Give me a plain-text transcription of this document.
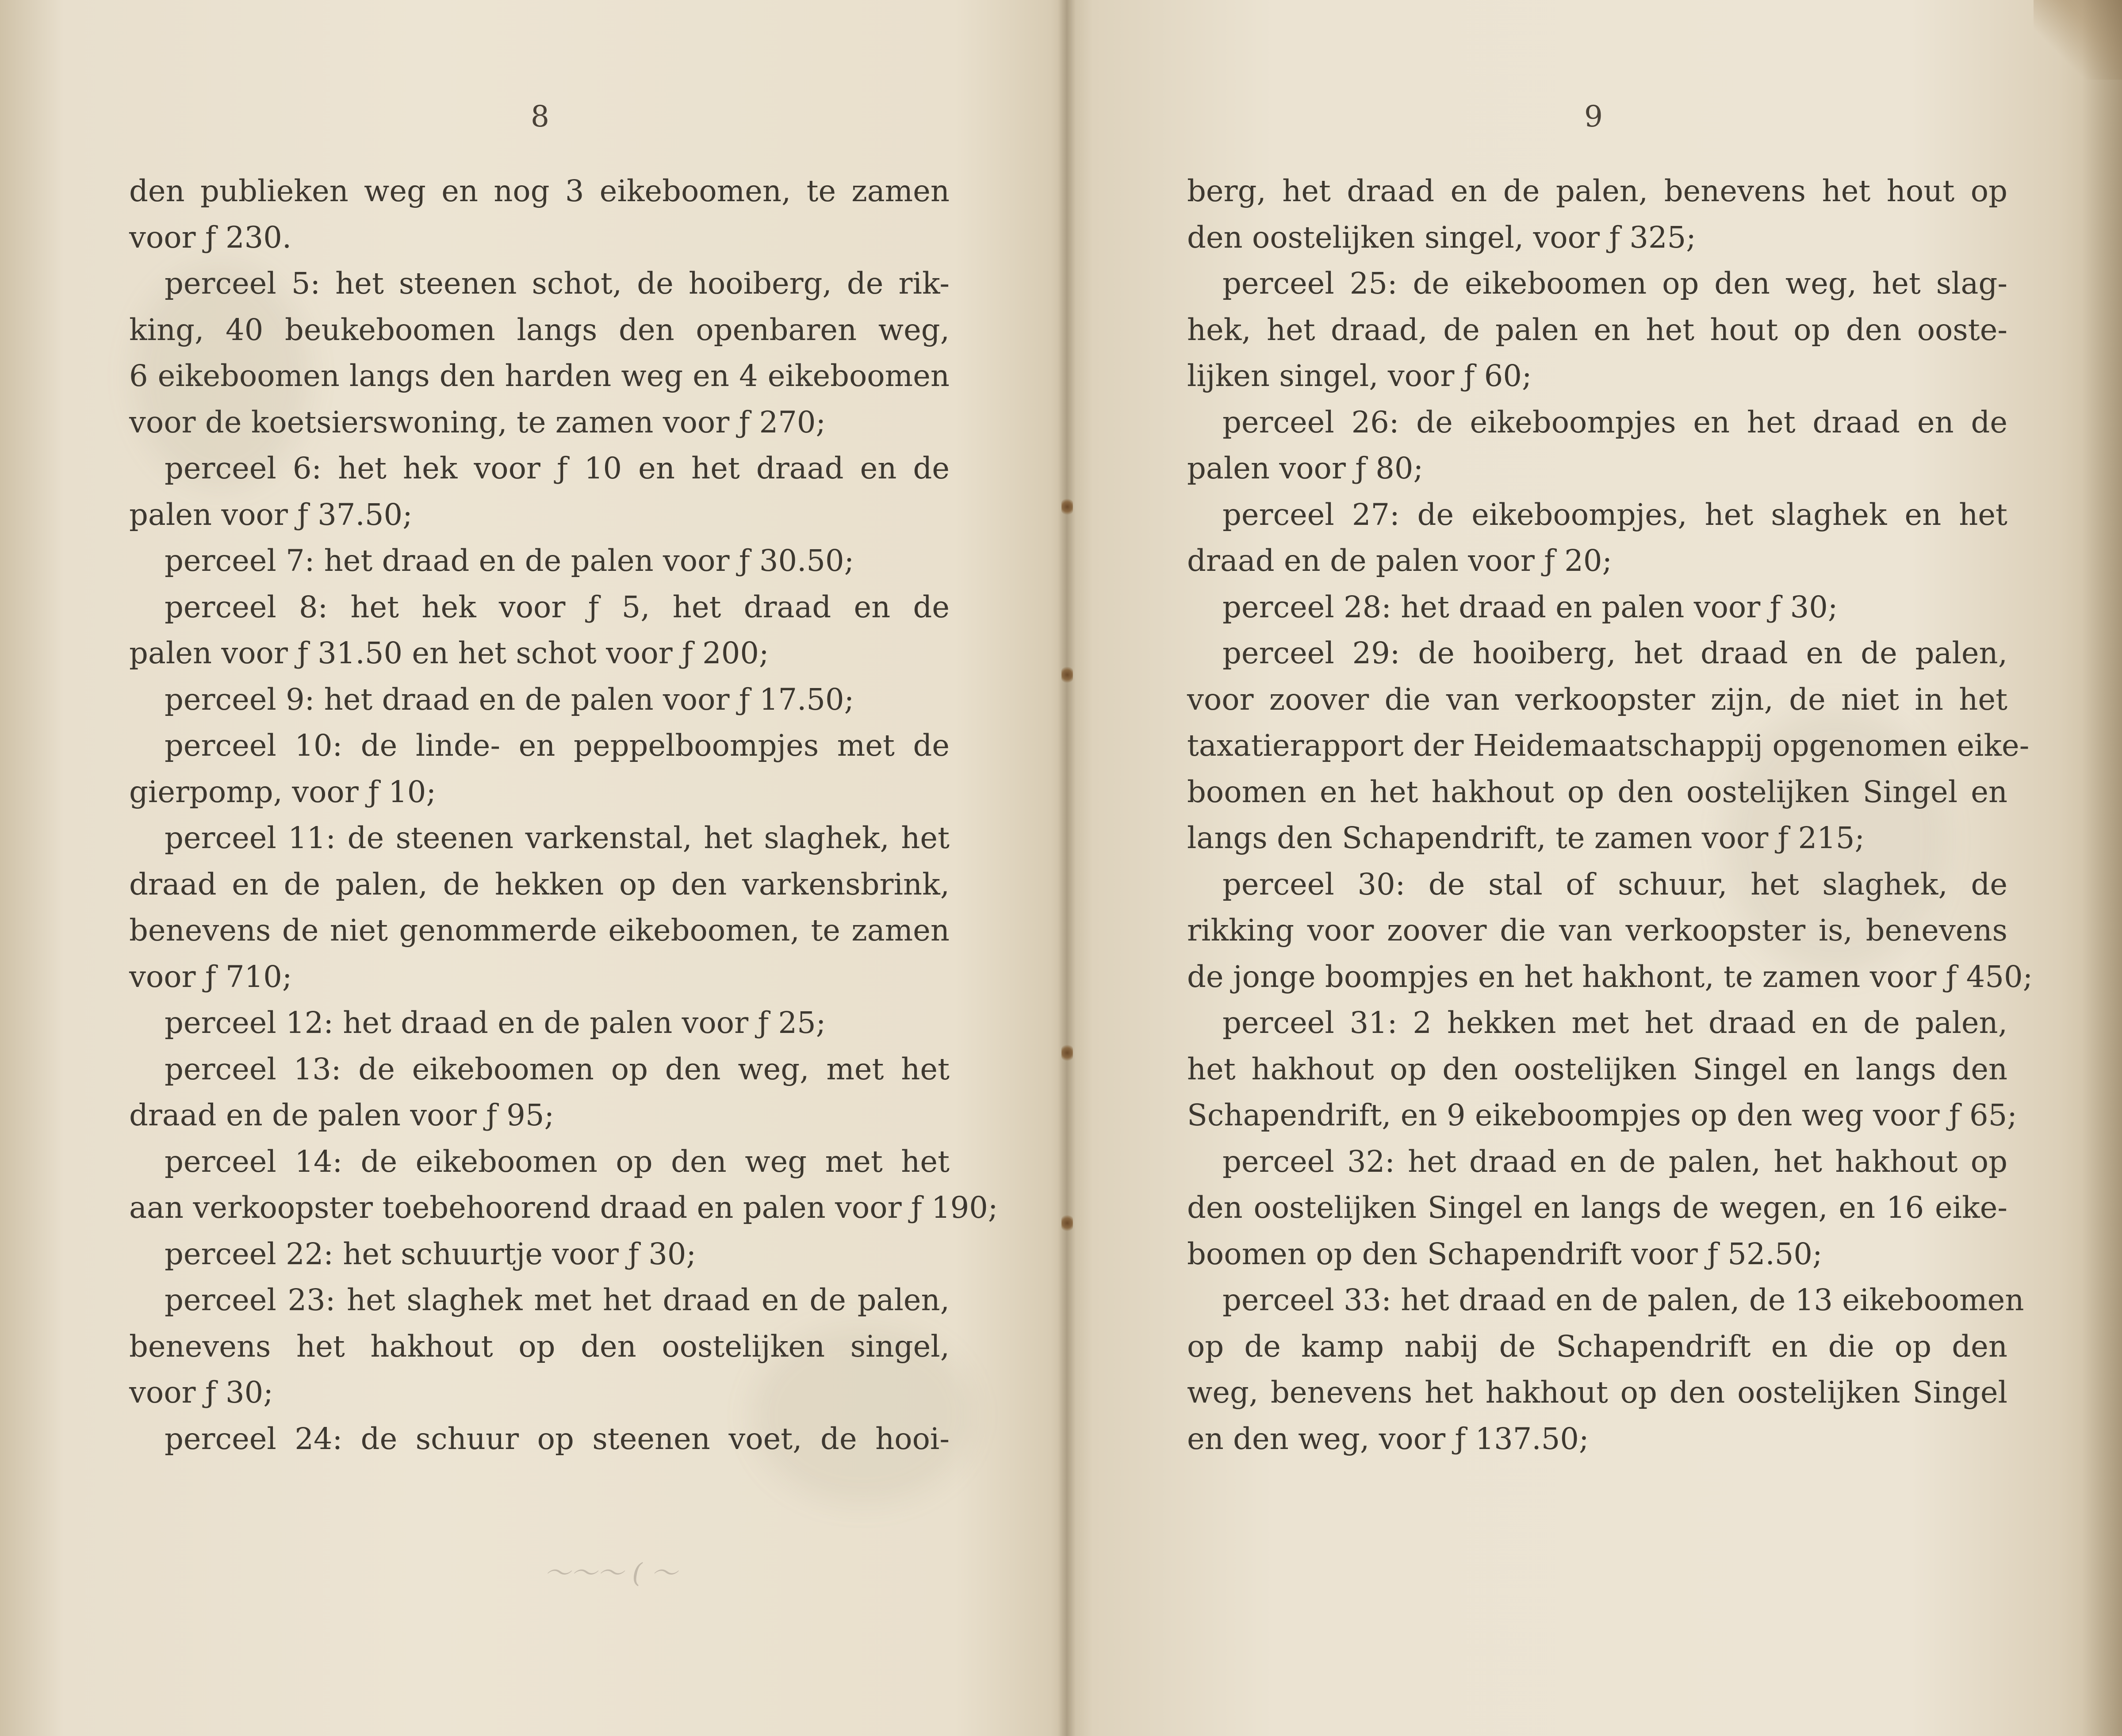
8
den publieken weg en nog 3 eikeboomen, te zamen
voor ƒ 230.
perceel 5: het steenen schot, de hooiberg, de rik-
king, 40 beukeboomen langs den openbaren weg,
6 eikeboomen langs den harden weg en 4 eikeboomen
voor de koetsierswoning, te zamen voor ƒ 270;
perceel 6: het hek voor ƒ 10 en het draad en de
palen voor ƒ 37.50;
perceel 7: het draad en de palen voor ƒ 30.50;
perceel 8: het hek voor ƒ 5, het draad en de
palen voor ƒ 31.50 en het schot voor ƒ 200;
perceel 9: het draad en de palen voor ƒ 17.50;
perceel 10: de linde- en peppelboompjes met de
gierpomp, voor ƒ 10;
perceel 11: de steenen varkenstal, het slaghek, het
draad en de palen, de hekken op den varkensbrink,
benevens de niet genommerde eikeboomen, te zamen
voor ƒ 710;
perceel 12: het draad en de palen voor ƒ 25;
perceel 13: de eikeboomen op den weg, met het
draad en de palen voor ƒ 95;
perceel 14: de eikeboomen op den weg met het
aan verkoopster toebehoorend draad en palen voor ƒ 190;
perceel 22: het schuurtje voor ƒ 30;
perceel 23: het slaghek met het draad en de palen,
benevens het hakhout op den oostelijken singel,
voor ƒ 30;
perceel 24: de schuur op steenen voet, de hooi-
〜〜〜 ( 〜
9
berg, het draad en de palen, benevens het hout op
den oostelijken singel, voor ƒ 325;
perceel 25: de eikeboomen op den weg, het slag-
hek, het draad, de palen en het hout op den ooste-
lijken singel, voor ƒ 60;
perceel 26: de eikeboompjes en het draad en de
palen voor ƒ 80;
perceel 27: de eikeboompjes, het slaghek en het
draad en de palen voor ƒ 20;
perceel 28: het draad en palen voor ƒ 30;
perceel 29: de hooiberg, het draad en de palen,
voor zoover die van verkoopster zijn, de niet in het
taxatierapport der Heidemaatschappij opgenomen eike-
boomen en het hakhout op den oostelijken Singel en
langs den Schapendrift, te zamen voor ƒ 215;
perceel 30: de stal of schuur, het slaghek, de
rikking voor zoover die van verkoopster is, benevens
de jonge boompjes en het hakhont, te zamen voor ƒ 450;
perceel 31: 2 hekken met het draad en de palen,
het hakhout op den oostelijken Singel en langs den
Schapendrift, en 9 eikeboompjes op den weg voor ƒ 65;
perceel 32: het draad en de palen, het hakhout op
den oostelijken Singel en langs de wegen, en 16 eike-
boomen op den Schapendrift voor ƒ 52.50;
perceel 33: het draad en de palen, de 13 eikeboomen
op de kamp nabij de Schapendrift en die op den
weg, benevens het hakhout op den oostelijken Singel
en den weg, voor ƒ 137.50;
